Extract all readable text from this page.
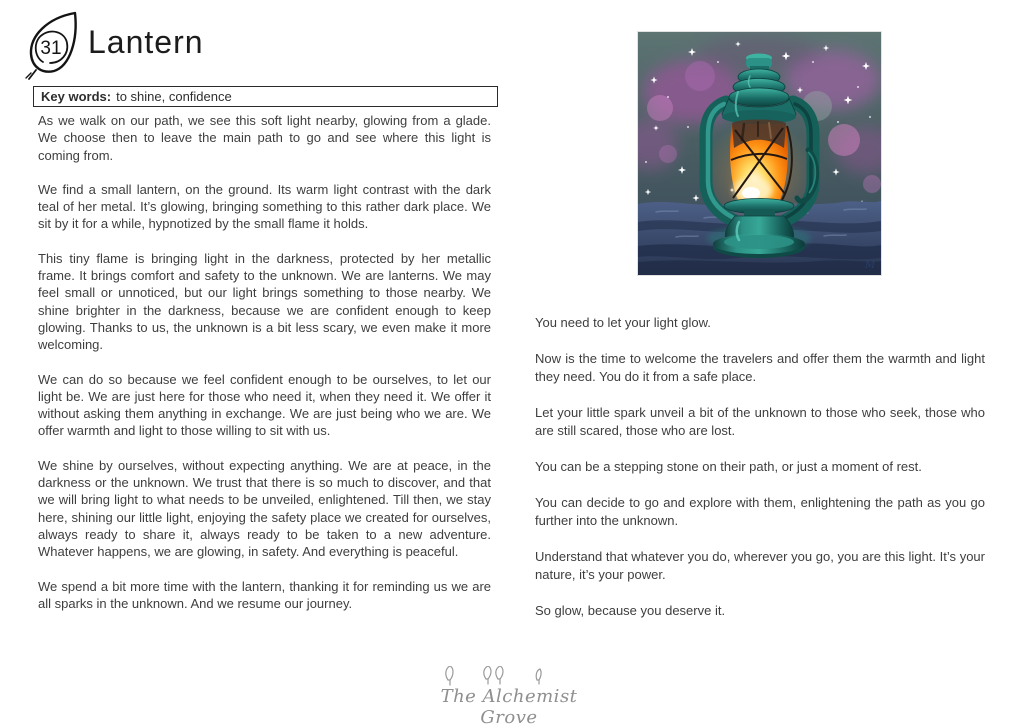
31 Lantern
Key words: to shine, confidence

As we walk on our path, we see this soft light nearby, glowing from a glade. We choose then to leave the main path to go and see where this light is coming from.

We find a small lantern, on the ground. Its warm light contrast with the dark teal of her metal. It’s glowing, bringing something to this rather dark place. We sit by it for a while, hypnotized by the small flame it holds.

This tiny flame is bringing light in the darkness, protected by her metallic frame. It brings comfort and safety to the unknown. We are lanterns. We may feel small or unnoticed, but our light brings something to those nearby. We shine brighter in the darkness, because we are confident enough to keep glowing. Thanks to us, the unknown is a bit less scary, we even make it more welcoming.

We can do so because we feel confident enough to be ourselves, to let our light be. We are just here for those who need it, when they need it. We offer it without asking them anything in exchange. We are just being who we are. We offer warmth and light to those willing to sit with us.

We shine by ourselves, without expecting anything. We are at peace, in the darkness or the unknown. We trust that there is so much to discover, and that we will bring light to what needs to be unveiled, enlightened. Till then, we stay here, shining our little light, enjoying the safety place we created for ourselves, always ready to share it, always ready to be taken to a new adventure. Whatever happens, we are glowing, in safety. And everything is peaceful.

We spend a bit more time with the lantern, thanking it for reminding us we are all sparks in the unknown. And we resume our journey.

M

You need to let your light glow.

Now is the time to welcome the travelers and offer them the warmth and light they need. You do it from a safe place.

Let your little spark unveil a bit of the unknown to those who seek, those who are still scared, those who are lost.

You can be a stepping stone on their path, or just a moment of rest.

You can decide to go and explore with them, enlightening the path as you go further into the unknown.

Understand that whatever you do, wherever you go, you are this light. It’s your nature, it’s your power.

So glow, because you deserve it.

The Alchemist Grove
